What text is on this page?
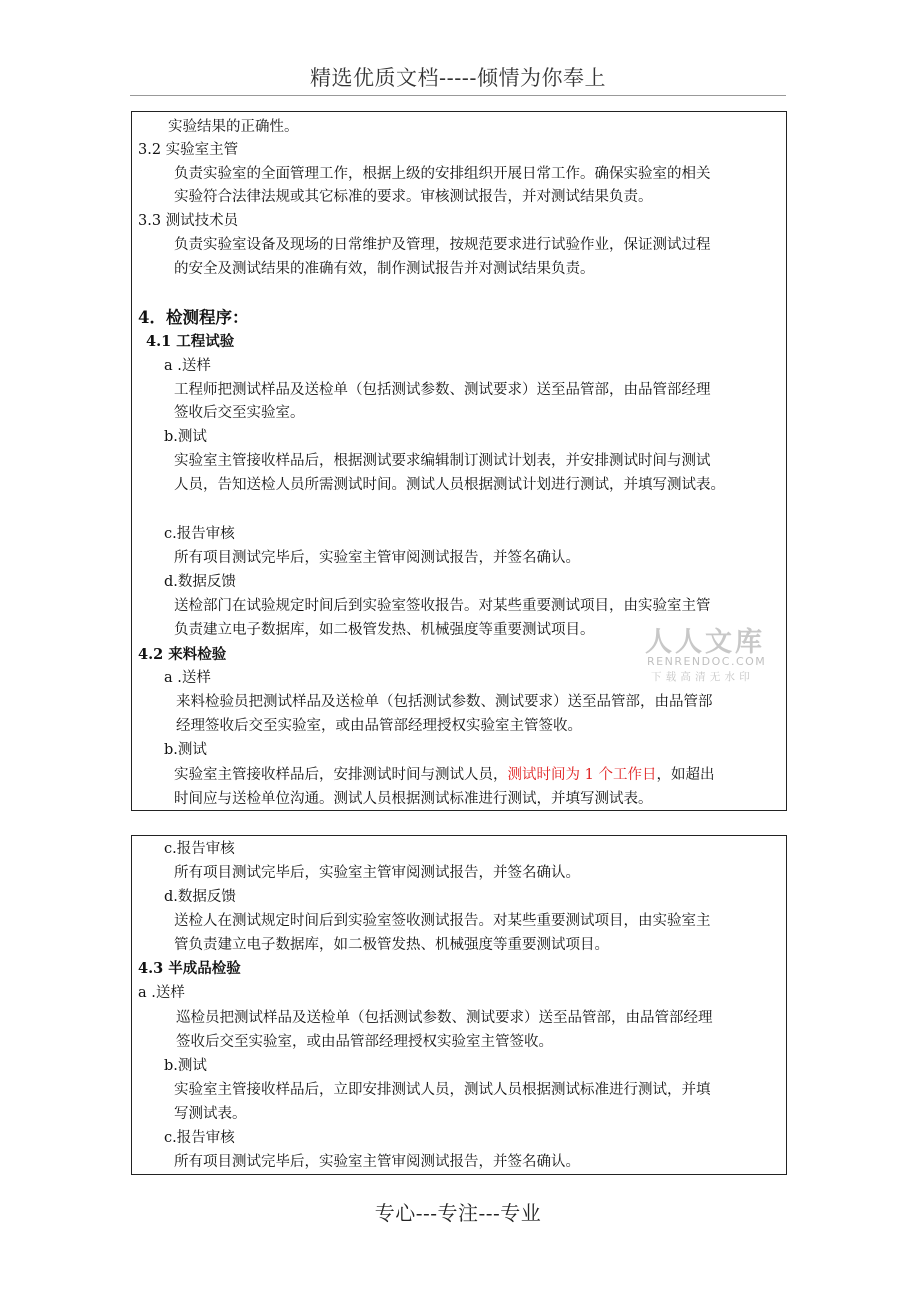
精选优质文档-----倾情为你奉上
实验结果的正确性。
3.2 实验室主管
负责实验室的全面管理工作，根据上级的安排组织开展日常工作。确保实验室的相关
实验符合法律法规或其它标准的要求。审核测试报告，并对测试结果负责。
3.3 测试技术员
负责实验室设备及现场的日常维护及管理，按规范要求进行试验作业，保证测试过程
的安全及测试结果的准确有效，制作测试报告并对测试结果负责。
4．检测程序：
4.1 工程试验
a .送样
工程师把测试样品及送检单（包括测试参数、测试要求）送至品管部，由品管部经理
签收后交至实验室。
b.测试
实验室主管接收样品后，根据测试要求编辑制订测试计划表，并安排测试时间与测试
人员，告知送检人员所需测试时间。测试人员根据测试计划进行测试，并填写测试表。
c.报告审核
所有项目测试完毕后，实验室主管审阅测试报告，并签名确认。
d.数据反馈
送检部门在试验规定时间后到实验室签收报告。对某些重要测试项目，由实验室主管
负责建立电子数据库，如二极管发热、机械强度等重要测试项目。
4.2 来料检验
a .送样
来料检验员把测试样品及送检单（包括测试参数、测试要求）送至品管部，由品管部
经理签收后交至实验室，或由品管部经理授权实验室主管签收。
b.测试
实验室主管接收样品后，安排测试时间与测试人员，测试时间为 1 个工作日，如超出
时间应与送检单位沟通。测试人员根据测试标准进行测试，并填写测试表。
人人文库
RENRENDOC.COM
下载高清无水印
c.报告审核
所有项目测试完毕后，实验室主管审阅测试报告，并签名确认。
d.数据反馈
送检人在测试规定时间后到实验室签收测试报告。对某些重要测试项目，由实验室主
管负责建立电子数据库，如二极管发热、机械强度等重要测试项目。
4.3 半成品检验
a .送样
巡检员把测试样品及送检单（包括测试参数、测试要求）送至品管部，由品管部经理
签收后交至实验室，或由品管部经理授权实验室主管签收。
b.测试
实验室主管接收样品后，立即安排测试人员，测试人员根据测试标准进行测试，并填
写测试表。
c.报告审核
所有项目测试完毕后，实验室主管审阅测试报告，并签名确认。
专心---专注---专业
